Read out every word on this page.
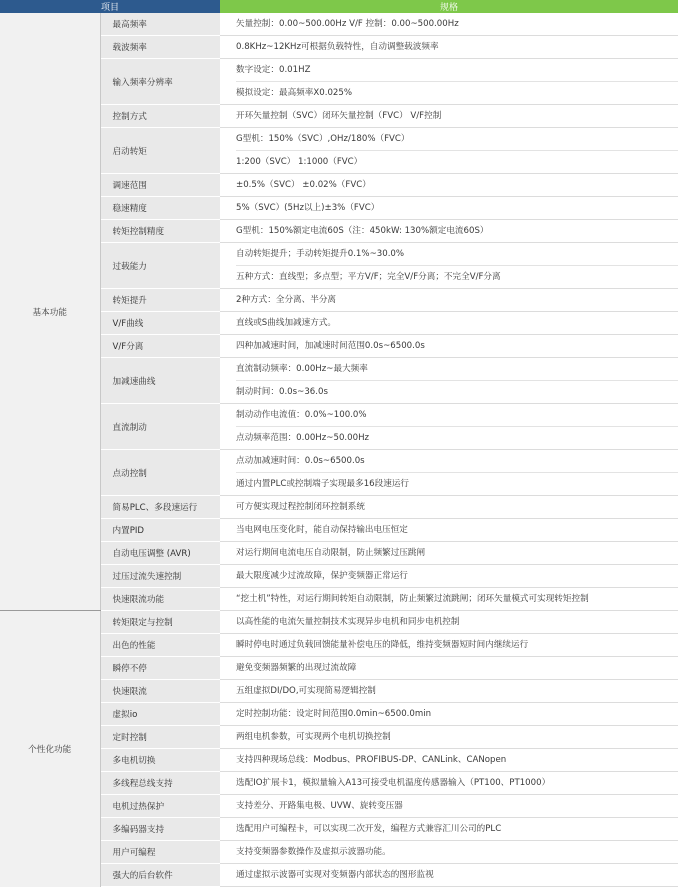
项目		规格
基本功能	最高频率	矢量控制：0.00~500.00Hz V/F 控制：0.00~500.00Hz

	载波频率	0.8KHz~12KHz可根据负载特性，自动调整载波频率

	输入频率分辨率	数字设定：0.01HZ
模拟设定：最高频率X0.025%

	控制方式	开环矢量控制（SVC）闭环矢量控制（FVC） V/F控制

	启动转矩	G型机：150%（SVC）,OHz/180%（FVC）
1:200（SVC） 1:1000（FVC）

	调速范围	±0.5%（SVC） ±0.02%（FVC）

	稳速精度	5%（SVC）(5Hz以上)±3%（FVC）

	转矩控制精度	G型机：150%额定电流60S（注：450kW: 130%额定电流60S）

	过载能力	自动转矩提升；手动转矩提升0.1%~30.0%
五种方式：直线型；多点型；平方V/F；完全V/F分离；不完全V/F分离

	转矩提升	2种方式：全分离、半分离

	V/F曲线	直线或S曲线加减速方式。

	V/F分离	四种加减速时间，加减速时间范围0.0s~6500.0s

	加减速曲线	直流制动频率：0.00Hz~最大频率
制动时间：0.0s~36.0s

	直流制动	制动动作电流值：0.0%~100.0%
点动频率范围：0.00Hz~50.00Hz

	点动控制	点动加减速时间：0.0s~6500.0s
通过内置PLC或控制端子实现最多16段速运行

	简易PLC、多段速运行	可方便实现过程控制闭环控制系统

	内置PID	当电网电压变化时，能自动保持输出电压恒定

	自动电压调整 (AVR)	对运行期间电流电压自动限制，防止频繁过压跳闸

	过压过流失速控制	最大限度减少过流故障，保护变频器正常运行

	快速限流功能	“挖土机”特性，对运行期间转矩自动限制，防止频繁过流跳闸；闭环矢量模式可实现转矩控制

个性化功能	转矩限定与控制	以高性能的电流矢量控制技术实现异步电机和同步电机控制

	出色的性能	瞬时停电时通过负载回馈能量补偿电压的降低，维持变频器短时间内继续运行

	瞬停不停	避免变频器频繁的出现过流故障

	快速限流	五组虚拟DI/DO,可实现简易逻辑控制

	虚拟io	定时控制功能：设定时间范围0.0min~6500.0min

	定时控制	两组电机参数，可实现两个电机切换控制

	多电机切换	支持四种现场总线：Modbus、PROFIBUS-DP、CANLink、CANopen

	多线程总线支持	选配IO扩展卡1，模拟量输入A13可接受电机温度传感器输入（PT100、PT1000）

	电机过热保护	支持差分、开路集电极、UVW、旋转变压器

	多编码器支持	选配用户可编程卡，可以实现二次开发，编程方式兼容汇川公司的PLC

	用户可编程	支持变频器参数操作及虚拟示波器功能。

	强大的后台软件	通过虚拟示波器可实现对变频器内部状态的图形监视
